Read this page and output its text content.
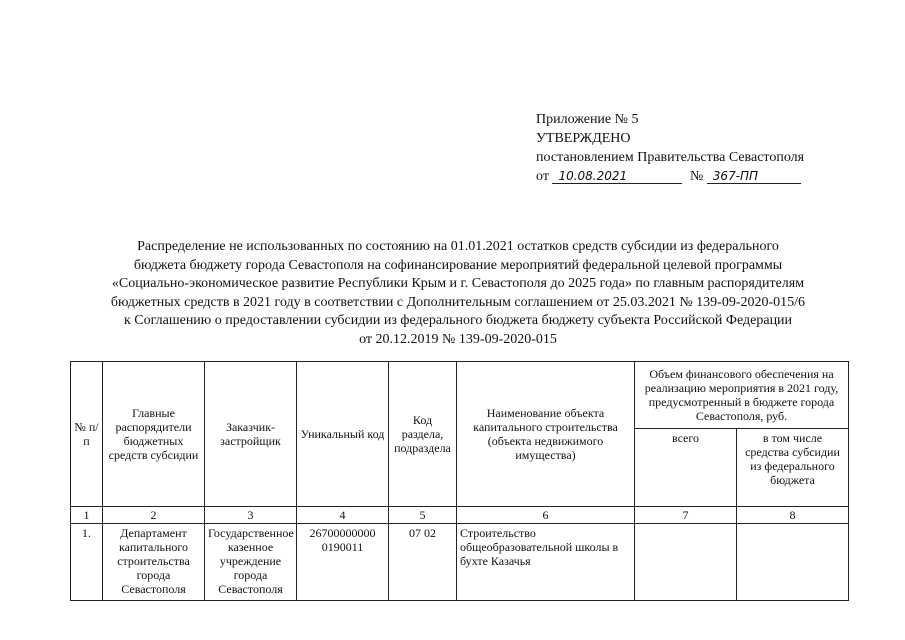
Приложение № 5
УТВЕРЖДЕНО
постановлением Правительства Севастополя
от 10.08.2021	№ 367-ПП
Распределение не использованных по состоянию на 01.01.2021 остатков средств субсидии из федерального
бюджета бюджету города Севастополя на софинансирование мероприятий федеральной целевой программы
«Социально-экономическое развитие Республики Крым и г. Севастополя до 2025 года» по главным распорядителям
бюджетных средств в 2021 году в соответствии с Дополнительным соглашением от 25.03.2021 № 139-09-2020-015/6
к Соглашению о предоставлении субсидии из федерального бюджета бюджету субъекта Российской Федерации
от 20.12.2019 № 139-09-2020-015
№ п/п	Главные распорядители бюджетных средств субсидии	Заказчик-застройщик	Уникальный код	Код раздела, подраздела	Наименование объекта капитального строительства (объекта недвижимого имущества)	Объем финансового обеспечения на реализацию мероприятия в 2021 году, предусмотренный в бюджете города Севастополя, руб.	
						всего	в том числе средства субсидии из федерального бюджета
1	2	3	4	5	6	7	8
1.	Департамент капитального строительства города Севастополя	Государственное казенное учреждение города Севастополя	26700000000 0190011	07 02	Строительство общеобразовательной школы в бухте Казачья		
